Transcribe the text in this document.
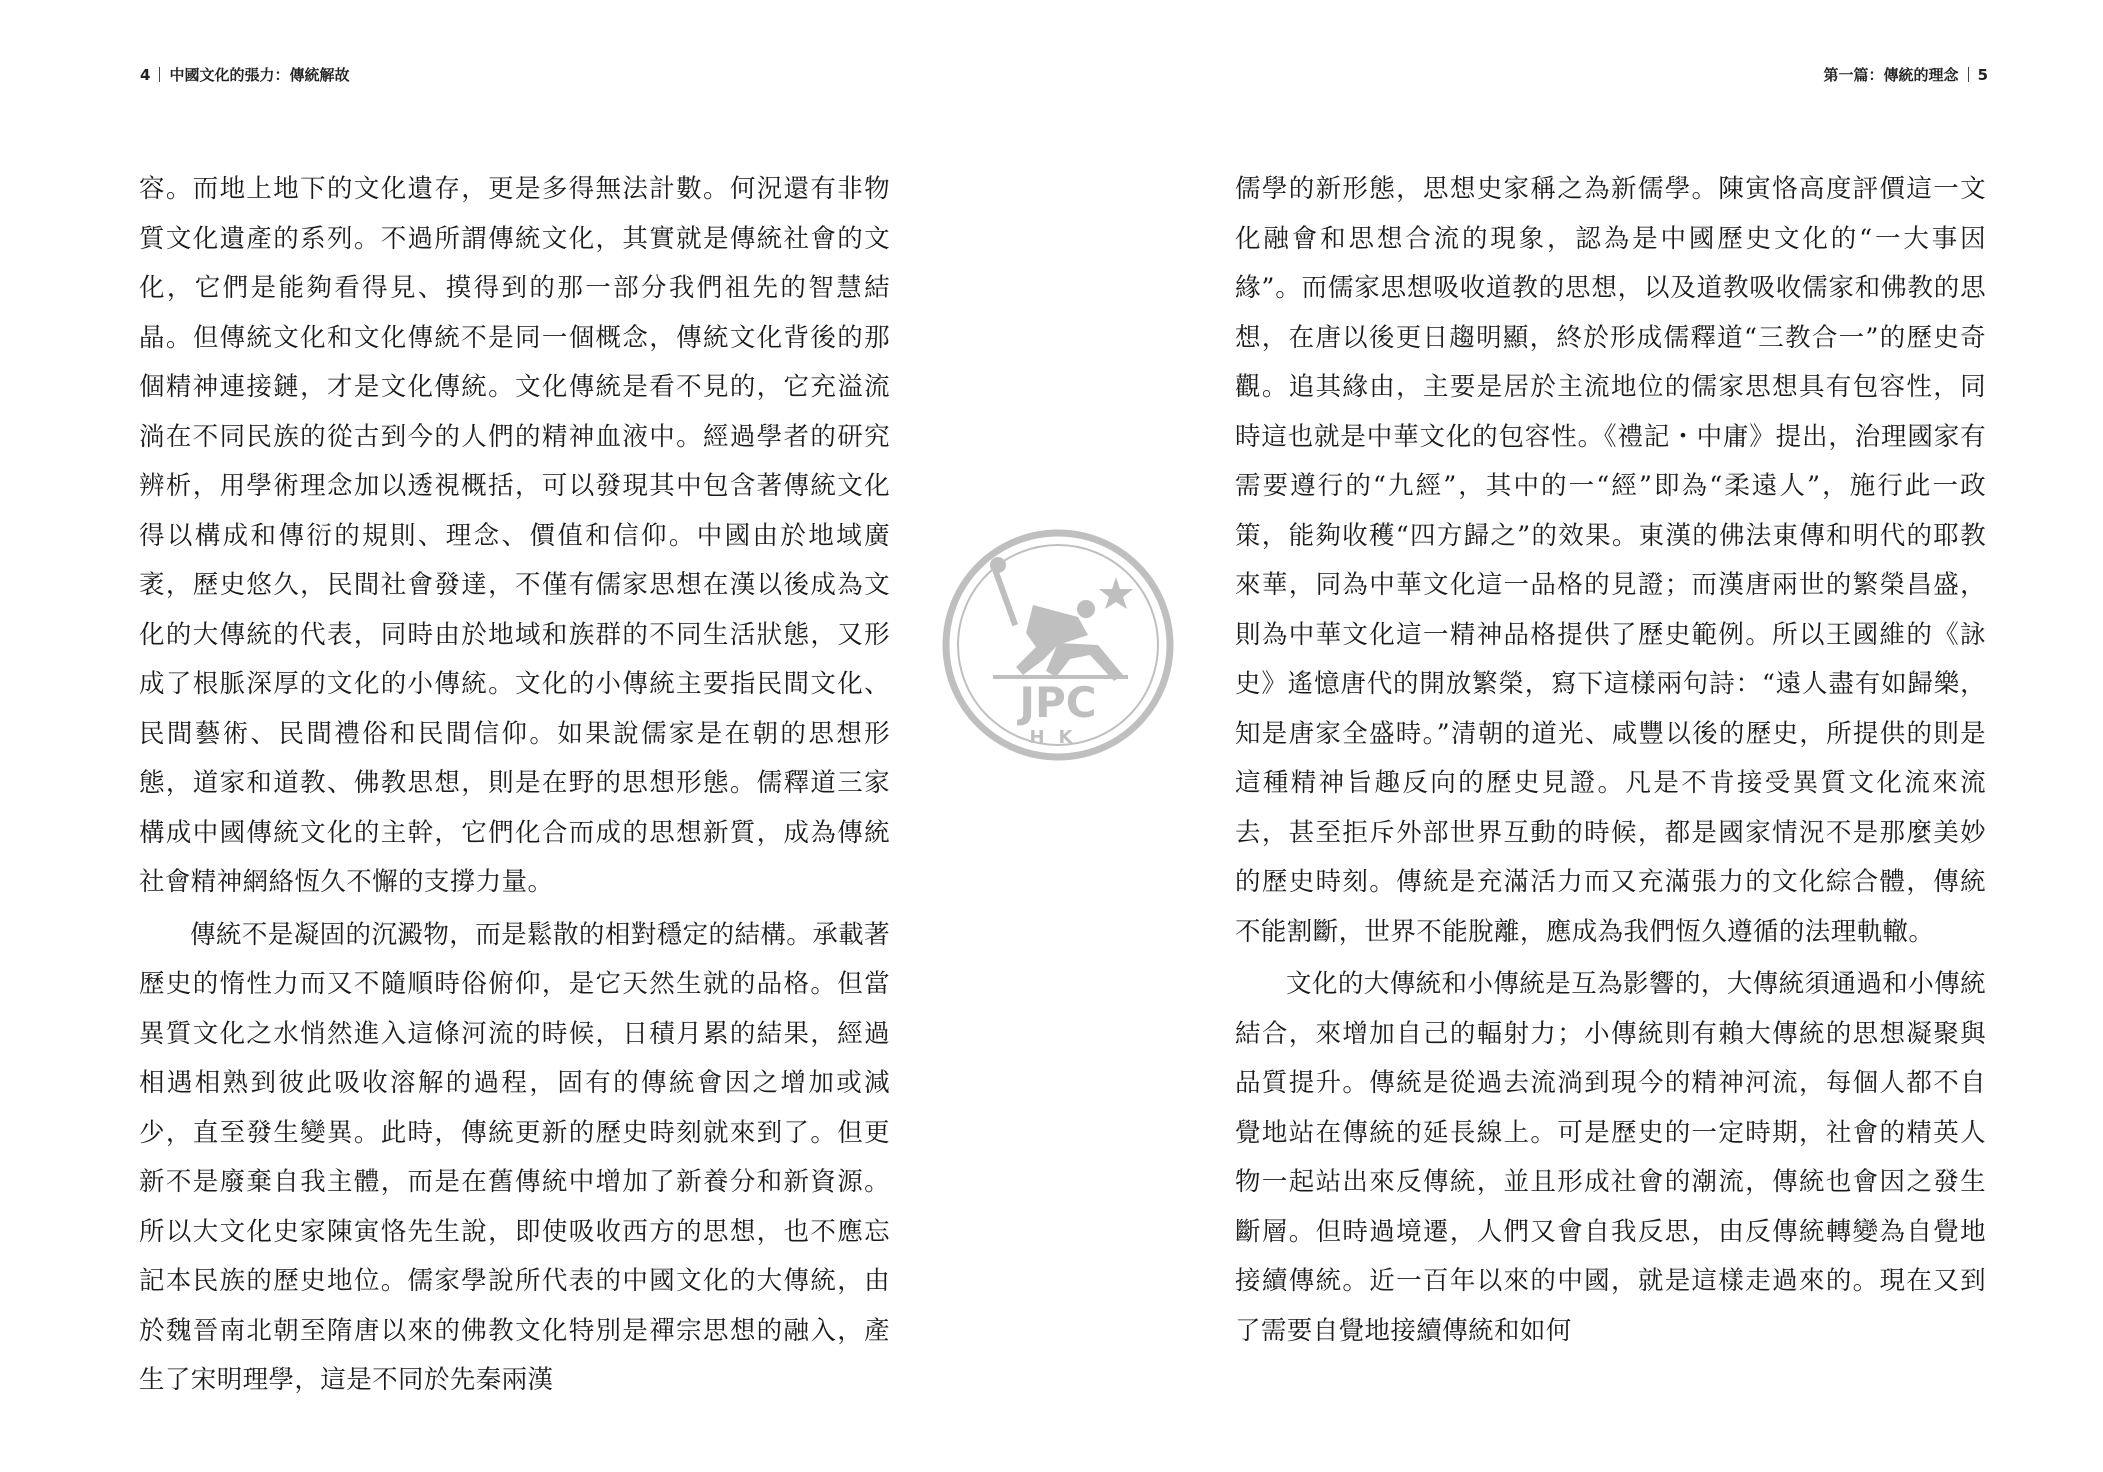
4 中國文化的張力：傳統解故

容。而地上地下的文化遺存，更是多得無法計數。何況還有非物質文化遺產的系列。不過所謂傳統文化，其實就是傳統社會的文化，它們是能夠看得見、摸得到的那一部分我們祖先的智慧結晶。但傳統文化和文化傳統不是同一個概念，傳統文化背後的那個精神連接鏈，才是文化傳統。文化傳統是看不見的，它充溢流淌在不同民族的從古到今的人們的精神血液中。經過學者的研究辨析，用學術理念加以透視概括，可以發現其中包含著傳統文化得以構成和傳衍的規則、理念、價值和信仰。中國由於地域廣袤，歷史悠久，民間社會發達，不僅有儒家思想在漢以後成為文化的大傳統的代表，同時由於地域和族群的不同生活狀態，又形成了根脈深厚的文化的小傳統。文化的小傳統主要指民間文化、民間藝術、民間禮俗和民間信仰。如果說儒家是在朝的思想形態，道家和道教、佛教思想，則是在野的思想形態。儒釋道三家構成中國傳統文化的主幹，它們化合而成的思想新質，成為傳統社會精神網絡恆久不懈的支撐力量。

傳統不是凝固的沉澱物，而是鬆散的相對穩定的結構。承載著歷史的惰性力而又不隨順時俗俯仰，是它天然生就的品格。但當異質文化之水悄然進入這條河流的時候，日積月累的結果，經過相遇相熟到彼此吸收溶解的過程，固有的傳統會因之增加或減少，直至發生變異。此時，傳統更新的歷史時刻就來到了。但更新不是廢棄自我主體，而是在舊傳統中增加了新養分和新資源。所以大文化史家陳寅恪先生說，即使吸收西方的思想，也不應忘記本民族的歷史地位。儒家學說所代表的中國文化的大傳統，由於魏晉南北朝至隋唐以來的佛教文化特別是禪宗思想的融入，產生了宋明理學，這是不同於先秦兩漢

第一篇：傳統的理念 5

儒學的新形態，思想史家稱之為新儒學。陳寅恪高度評價這一文化融會和思想合流的現象，認為是中國歷史文化的“一大事因緣”。而儒家思想吸收道教的思想，以及道教吸收儒家和佛教的思想，在唐以後更日趨明顯，終於形成儒釋道“三教合一”的歷史奇觀。追其緣由，主要是居於主流地位的儒家思想具有包容性，同時這也就是中華文化的包容性。《禮記・中庸》提出，治理國家有需要遵行的“九經”，其中的一“經”即為“柔遠人”，施行此一政策，能夠收穫“四方歸之”的效果。東漢的佛法東傳和明代的耶教來華，同為中華文化這一品格的見證；而漢唐兩世的繁榮昌盛，則為中華文化這一精神品格提供了歷史範例。所以王國維的《詠史》遙憶唐代的開放繁榮，寫下這樣兩句詩：“遠人盡有如歸樂，知是唐家全盛時。”清朝的道光、咸豐以後的歷史，所提供的則是這種精神旨趣反向的歷史見證。凡是不肯接受異質文化流來流去，甚至拒斥外部世界互動的時候，都是國家情況不是那麼美妙的歷史時刻。傳統是充滿活力而又充滿張力的文化綜合體，傳統不能割斷，世界不能脫離，應成為我們恆久遵循的法理軌轍。

文化的大傳統和小傳統是互為影響的，大傳統須通過和小傳統結合，來增加自己的輻射力；小傳統則有賴大傳統的思想凝聚與品質提升。傳統是從過去流淌到現今的精神河流，每個人都不自覺地站在傳統的延長線上。可是歷史的一定時期，社會的精英人物一起站出來反傳統，並且形成社會的潮流，傳統也會因之發生斷層。但時過境遷，人們又會自我反思，由反傳統轉變為自覺地接續傳統。近一百年以來的中國，就是這樣走過來的。現在又到了需要自覺地接續傳統和如何

JPC
HK
